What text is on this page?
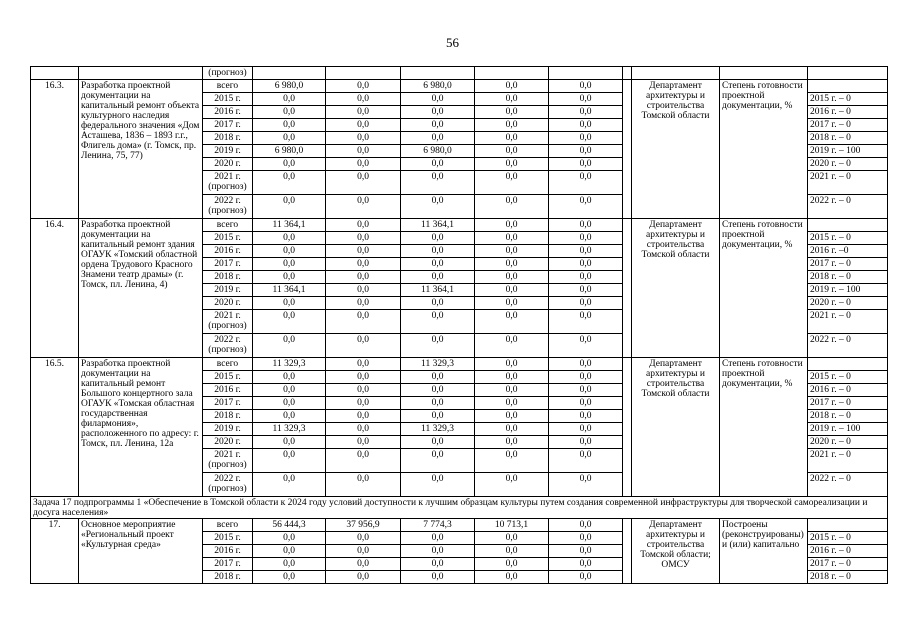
56
		(прогноз)									
16.3.	Разработка проектной документации на капитальный ремонт объекта культурного наследия федерального значения «Дом Асташева, 1836 – 1893 г.г., Флигель дома» (г. Томск, пр. Ленина, 75, 77)	всего	6 980,0	0,0	6 980,0	0,0	0,0		Департамент архитектуры и строительства Томской области	Степень готовности проектной документации, %	
		2015 г.	0,0	0,0	0,0	0,0	0,0				2015 г. – 0
		2016 г.	0,0	0,0	0,0	0,0	0,0				2016 г. – 0
		2017 г.	0,0	0,0	0,0	0,0	0,0				2017 г. – 0
		2018 г.	0,0	0,0	0,0	0,0	0,0				2018 г. – 0
		2019 г.	6 980,0	0,0	6 980,0	0,0	0,0				2019 г. – 100
		2020 г.	0,0	0,0	0,0	0,0	0,0				2020 г. – 0
		2021 г. (прогноз)	0,0	0,0	0,0	0,0	0,0				2021 г. – 0
		2022 г. (прогноз)	0,0	0,0	0,0	0,0	0,0				2022 г. – 0
16.4.	Разработка проектной документации на капитальный ремонт здания ОГАУК «Томский областной ордена Трудового Красного Знамени театр драмы» (г. Томск, пл. Ленина, 4)	всего	11 364,1	0,0	11 364,1	0,0	0,0		Департамент архитектуры и строительства Томской области	Степень готовности проектной документации, %	
		2015 г.	0,0	0,0	0,0	0,0	0,0				2015 г. – 0
		2016 г.	0,0	0,0	0,0	0,0	0,0				2016 г. –0
		2017 г.	0,0	0,0	0,0	0,0	0,0				2017 г. – 0
		2018 г.	0,0	0,0	0,0	0,0	0,0				2018 г. – 0
		2019 г.	11 364,1	0,0	11 364,1	0,0	0,0				2019 г. – 100
		2020 г.	0,0	0,0	0,0	0,0	0,0				2020 г. – 0
		2021 г. (прогноз)	0,0	0,0	0,0	0,0	0,0				2021 г. – 0
		2022 г. (прогноз)	0,0	0,0	0,0	0,0	0,0				2022 г. – 0
16.5.	Разработка проектной документации на капитальный ремонт Большого концертного зала ОГАУК «Томская областная государственная филармония», расположенного по адресу: г. Томск, пл. Ленина, 12а	всего	11 329,3	0,0	11 329,3	0,0	0,0		Департамент архитектуры и строительства Томской области	Степень готовности проектной документации, %	
		2015 г.	0,0	0,0	0,0	0,0	0,0				2015 г. – 0
		2016 г.	0,0	0,0	0,0	0,0	0,0				2016 г. – 0
		2017 г.	0,0	0,0	0,0	0,0	0,0				2017 г. – 0
		2018 г.	0,0	0,0	0,0	0,0	0,0				2018 г. – 0
		2019 г.	11 329,3	0,0	11 329,3	0,0	0,0				2019 г. – 100
		2020 г.	0,0	0,0	0,0	0,0	0,0				2020 г. – 0
		2021 г. (прогноз)	0,0	0,0	0,0	0,0	0,0				2021 г. – 0
		2022 г. (прогноз)	0,0	0,0	0,0	0,0	0,0				2022 г. – 0
Задача 17 подпрограммы 1 «Обеспечение в Томской области к 2024 году условий доступности к лучшим образцам культуры путем создания современной инфраструктуры для творческой самореализации и досуга населения»											
17.	Основное мероприятие «Региональный проект «Культурная среда»	всего	56 444,3	37 956,9	7 774,3	10 713,1	0,0		Департамент архитектуры и строительства Томской области; ОМСУ	Построены (реконструированы) и (или) капитально	
		2015 г.	0,0	0,0	0,0	0,0	0,0				2015 г. – 0
		2016 г.	0,0	0,0	0,0	0,0	0,0				2016 г. – 0
		2017 г.	0,0	0,0	0,0	0,0	0,0				2017 г. – 0
		2018 г.	0,0	0,0	0,0	0,0	0,0				2018 г. – 0
